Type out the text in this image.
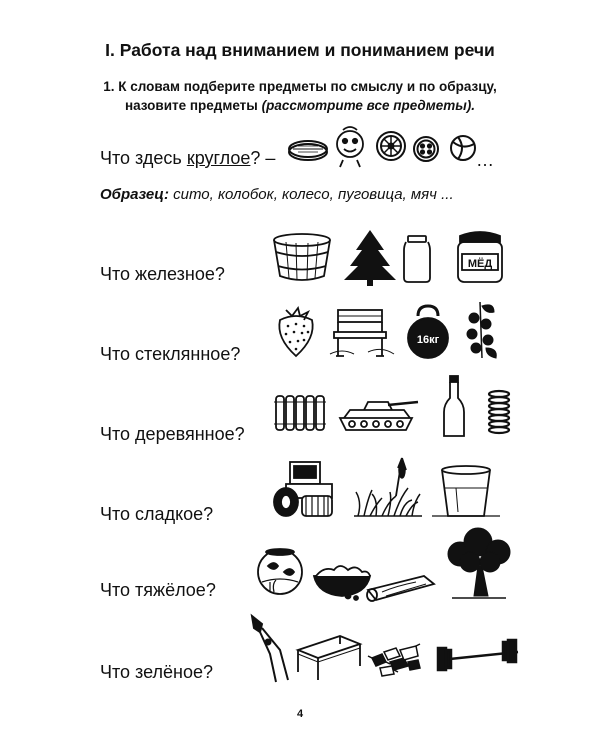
I. Работа над вниманием и пониманием речи
1. К словам подберите предметы по смыслу и по образцу,
назовите предметы (рассмотрите все предметы).
Что здесь круглое? –	…
Образец: сито, колобок, колесо, пуговица, мяч ...
Что железное?	МЁД
Что стеклянное?
16кг
Что деревянное?
Что сладкое?
Что тяжёлое?
Что зелёное?
4
